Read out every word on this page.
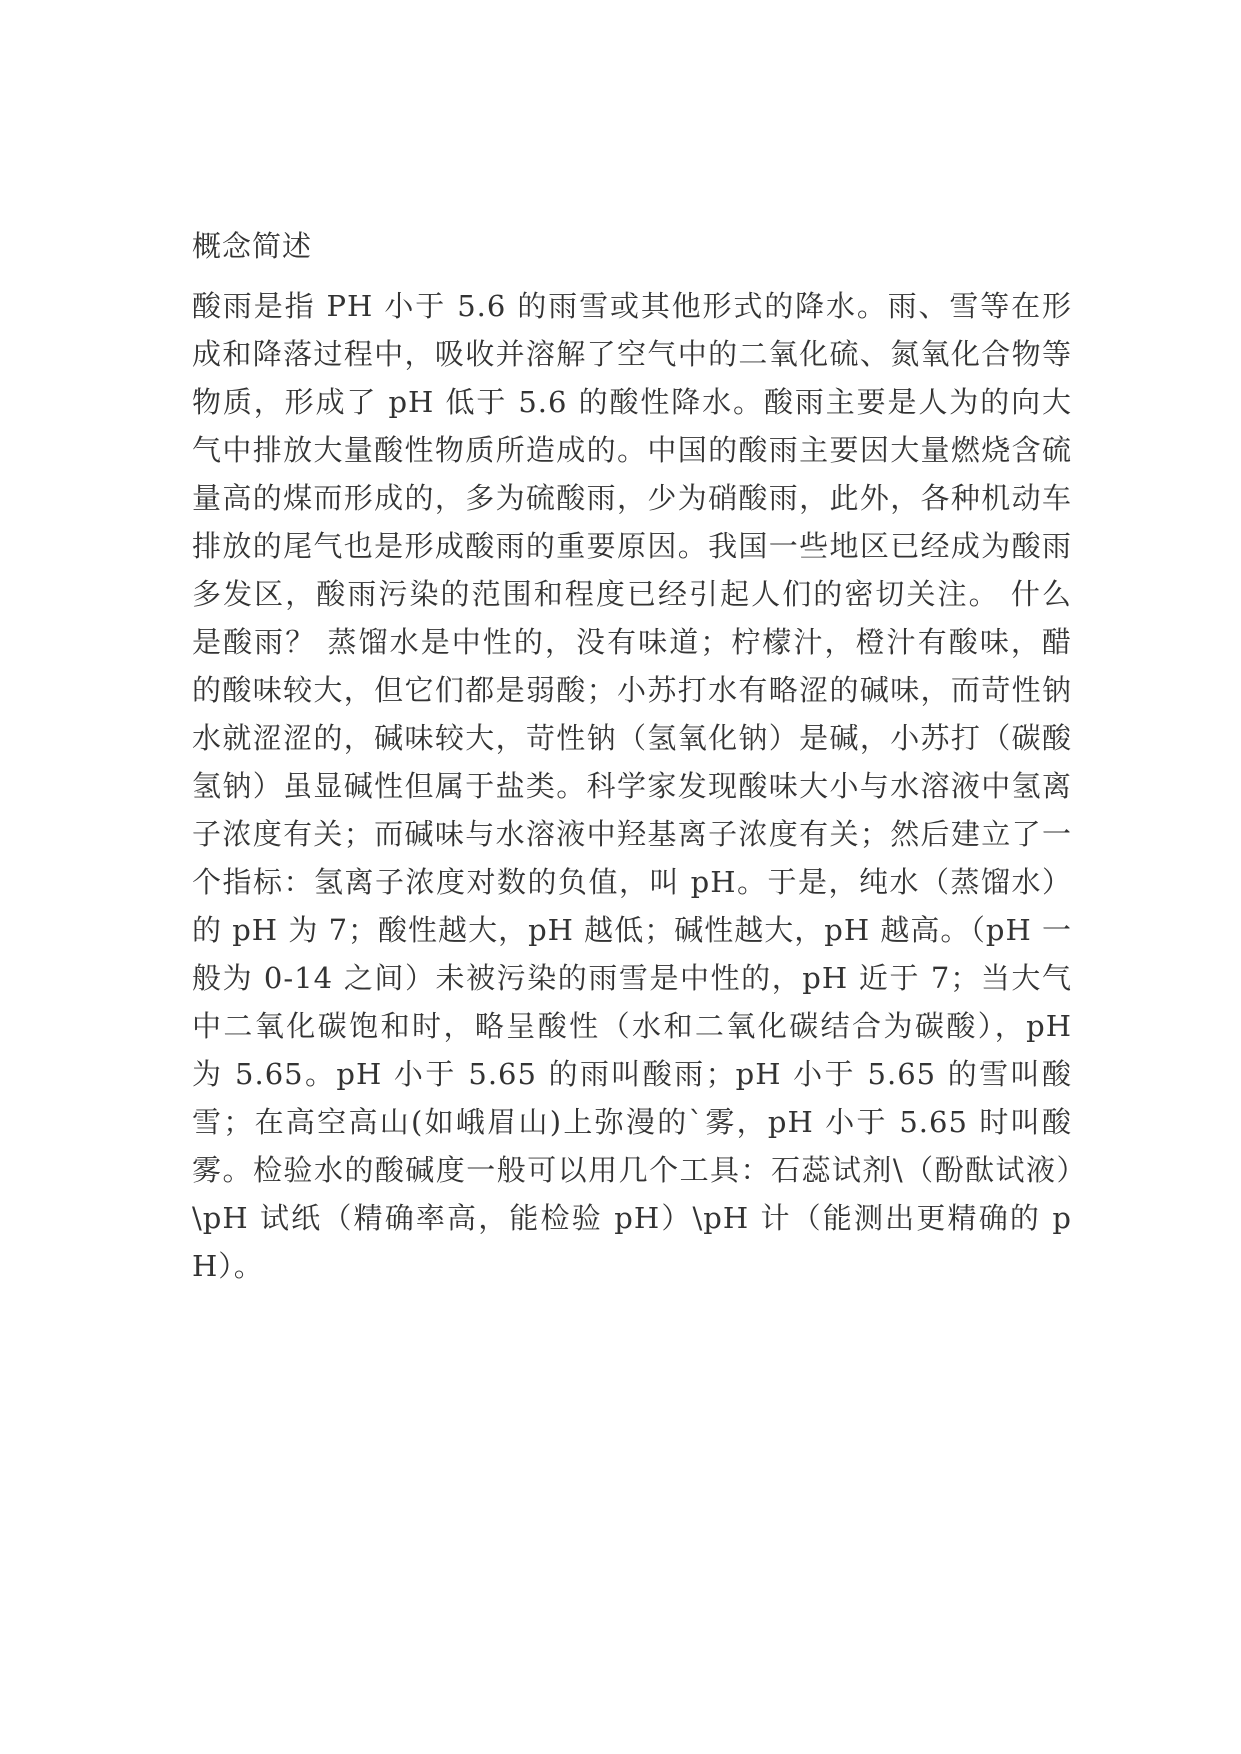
概念简述

酸雨是指 PH 小于 5.6 的雨雪或其他形式的降水。雨、雪等在形成和降落过程中，吸收并溶解了空气中的二氧化硫、氮氧化合物等物质，形成了 pH 低于 5.6 的酸性降水。酸雨主要是人为的向大气中排放大量酸性物质所造成的。中国的酸雨主要因大量燃烧含硫量高的煤而形成的，多为硫酸雨，少为硝酸雨，此外，各种机动车排放的尾气也是形成酸雨的重要原因。我国一些地区已经成为酸雨多发区，酸雨污染的范围和程度已经引起人们的密切关注。 什么是酸雨？ 蒸馏水是中性的，没有味道；柠檬汁，橙汁有酸味，醋的酸味较大，但它们都是弱酸；小苏打水有略涩的碱味，而苛性钠水就涩涩的，碱味较大，苛性钠（氢氧化钠）是碱，小苏打（碳酸氢钠）虽显碱性但属于盐类。科学家发现酸味大小与水溶液中氢离子浓度有关；而碱味与水溶液中羟基离子浓度有关；然后建立了一个指标：氢离子浓度对数的负值，叫 pH。于是，纯水（蒸馏水）的 pH 为 7；酸性越大，pH 越低；碱性越大，pH 越高。（pH 一般为 0-14 之间）未被污染的雨雪是中性的，pH 近于 7；当大气中二氧化碳饱和时，略呈酸性（水和二氧化碳结合为碳酸），pH 为 5.65。pH 小于 5.65 的雨叫酸雨；pH 小于 5.65 的雪叫酸雪；在高空高山(如峨眉山)上弥漫的`雾，pH 小于 5.65 时叫酸雾。检验水的酸碱度一般可以用几个工具：石蕊试剂\（酚酞试液）\pH 试纸（精确率高，能检验 pH）\pH 计（能测出更精确的 pH）。
